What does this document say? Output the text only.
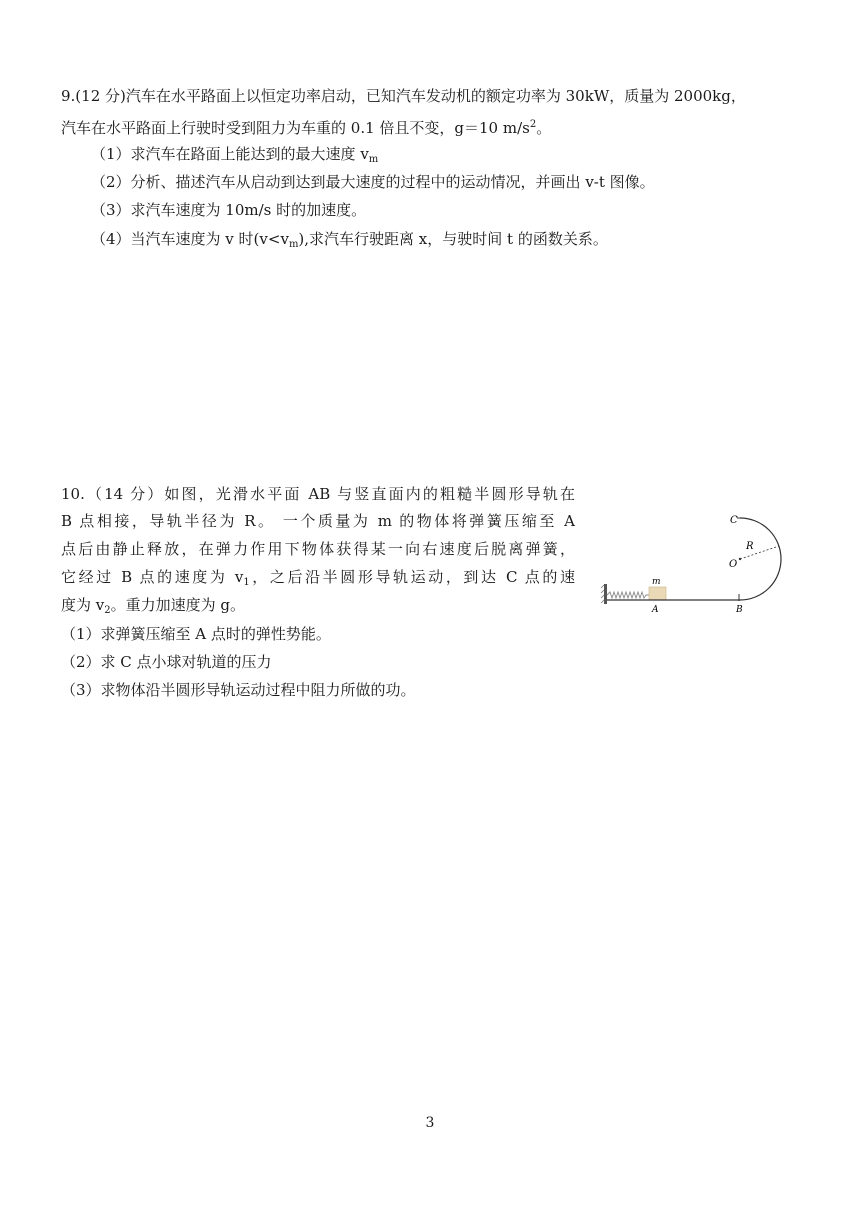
9.(12 分)汽车在水平路面上以恒定功率启动，已知汽车发动机的额定功率为 30kW，质量为 2000kg，
汽车在水平路面上行驶时受到阻力为车重的 0.1 倍且不变，g＝10 $m/s^2$。
（1）求汽车在路面上能达到的最大速度 $v_m$
（2）分析、描述汽车从启动到达到最大速度的过程中的运动情况，并画出 v-t 图像。
（3）求汽车速度为 10m/s 时的加速度。
（4）当汽车速度为 v 时$(v<v_m)$,求汽车行驶距离 x，与驶时间 t 的函数关系。
10.（14 分）如图，光滑水平面 AB 与竖直面内的粗糙半圆形导轨在
B 点相接，导轨半径为 R。 一个质量为 m 的物体将弹簧压缩至 A
点后由静止释放，在弹力作用下物体获得某一向右速度后脱离弹簧，
它经过 B 点的速度为 $v_1$，之后沿半圆形导轨运动，到达 C 点的速
度为 $v_2$。重力加速度为 g。
（1）求弹簧压缩至 A 点时的弹性势能。
（2）求 C 点小球对轨道的压力
（3）求物体沿半圆形导轨运动过程中阻力所做的功。
C
R
O
m
A	B
3
